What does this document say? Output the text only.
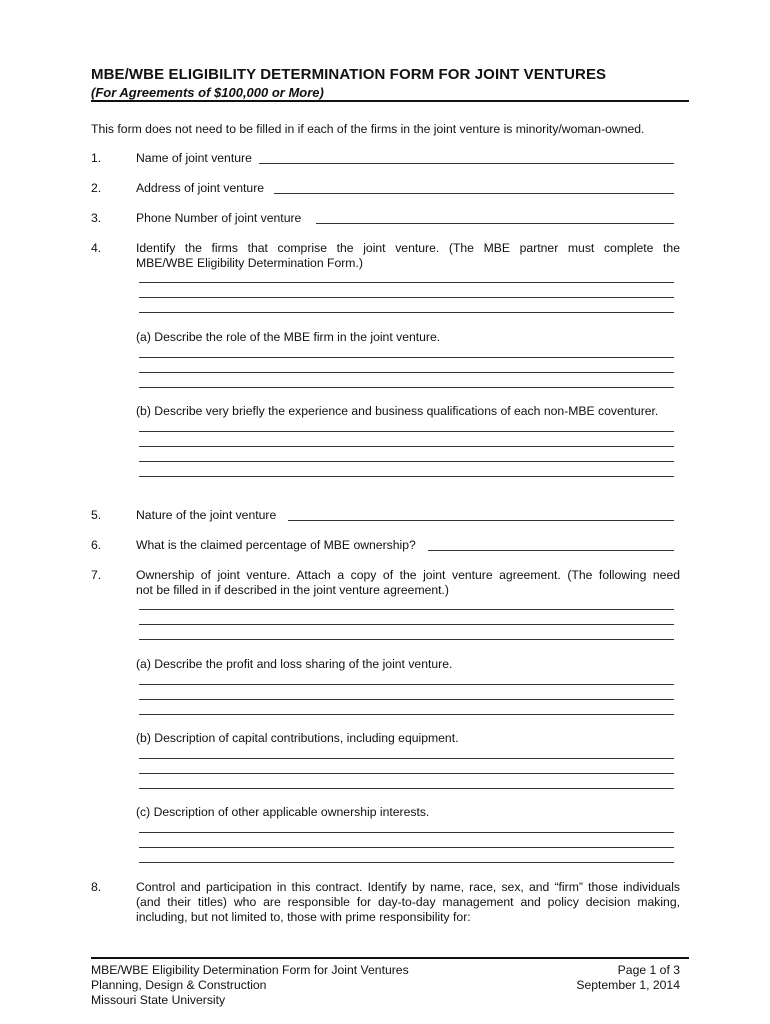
MBE/WBE ELIGIBILITY DETERMINATION FORM FOR JOINT VENTURES
(For Agreements of $100,000 or More)
This form does not need to be filled in if each of the firms in the joint venture is minority/woman-owned.
1.	Name of joint venture
2.	Address of joint venture
3.	Phone Number of joint venture
4.	Identify the firms that comprise the joint venture. (The MBE partner must complete the
MBE/WBE Eligibility Determination Form.)
(a) Describe the role of the MBE firm in the joint venture.
(b) Describe very briefly the experience and business qualifications of each non-MBE coventurer.
5.	Nature of the joint venture
6.	What is the claimed percentage of MBE ownership?
7.	Ownership of joint venture. Attach a copy of the joint venture agreement. (The following need
not be filled in if described in the joint venture agreement.)
(a) Describe the profit and loss sharing of the joint venture.
(b) Description of capital contributions, including equipment.
(c) Description of other applicable ownership interests.
8.	Control and participation in this contract. Identify by name, race, sex, and “firm” those individuals
(and their titles) who are responsible for day-to-day management and policy decision making,
including, but not limited to, those with prime responsibility for:
MBE/WBE Eligibility Determination Form for Joint Ventures
Planning, Design & Construction
Missouri State University
Page 1 of 3
September 1, 2014
